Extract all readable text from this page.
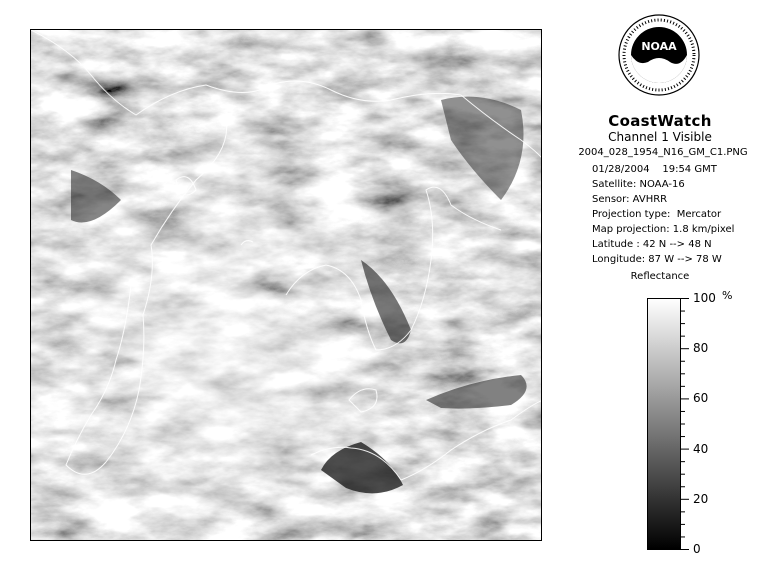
NOAA
CoastWatch
Channel 1 Visible
2004_028_1954_N16_GM_C1.PNG
01/28/2004    19:54 GMT
Satellite: NOAA-16
Sensor: AVHRR
Projection type:  Mercator
Map projection: 1.8 km/pixel
Latitude : 42 N --> 48 N
Longitude: 87 W --> 78 W
Reflectance
%
100
80
60
40
20
0
